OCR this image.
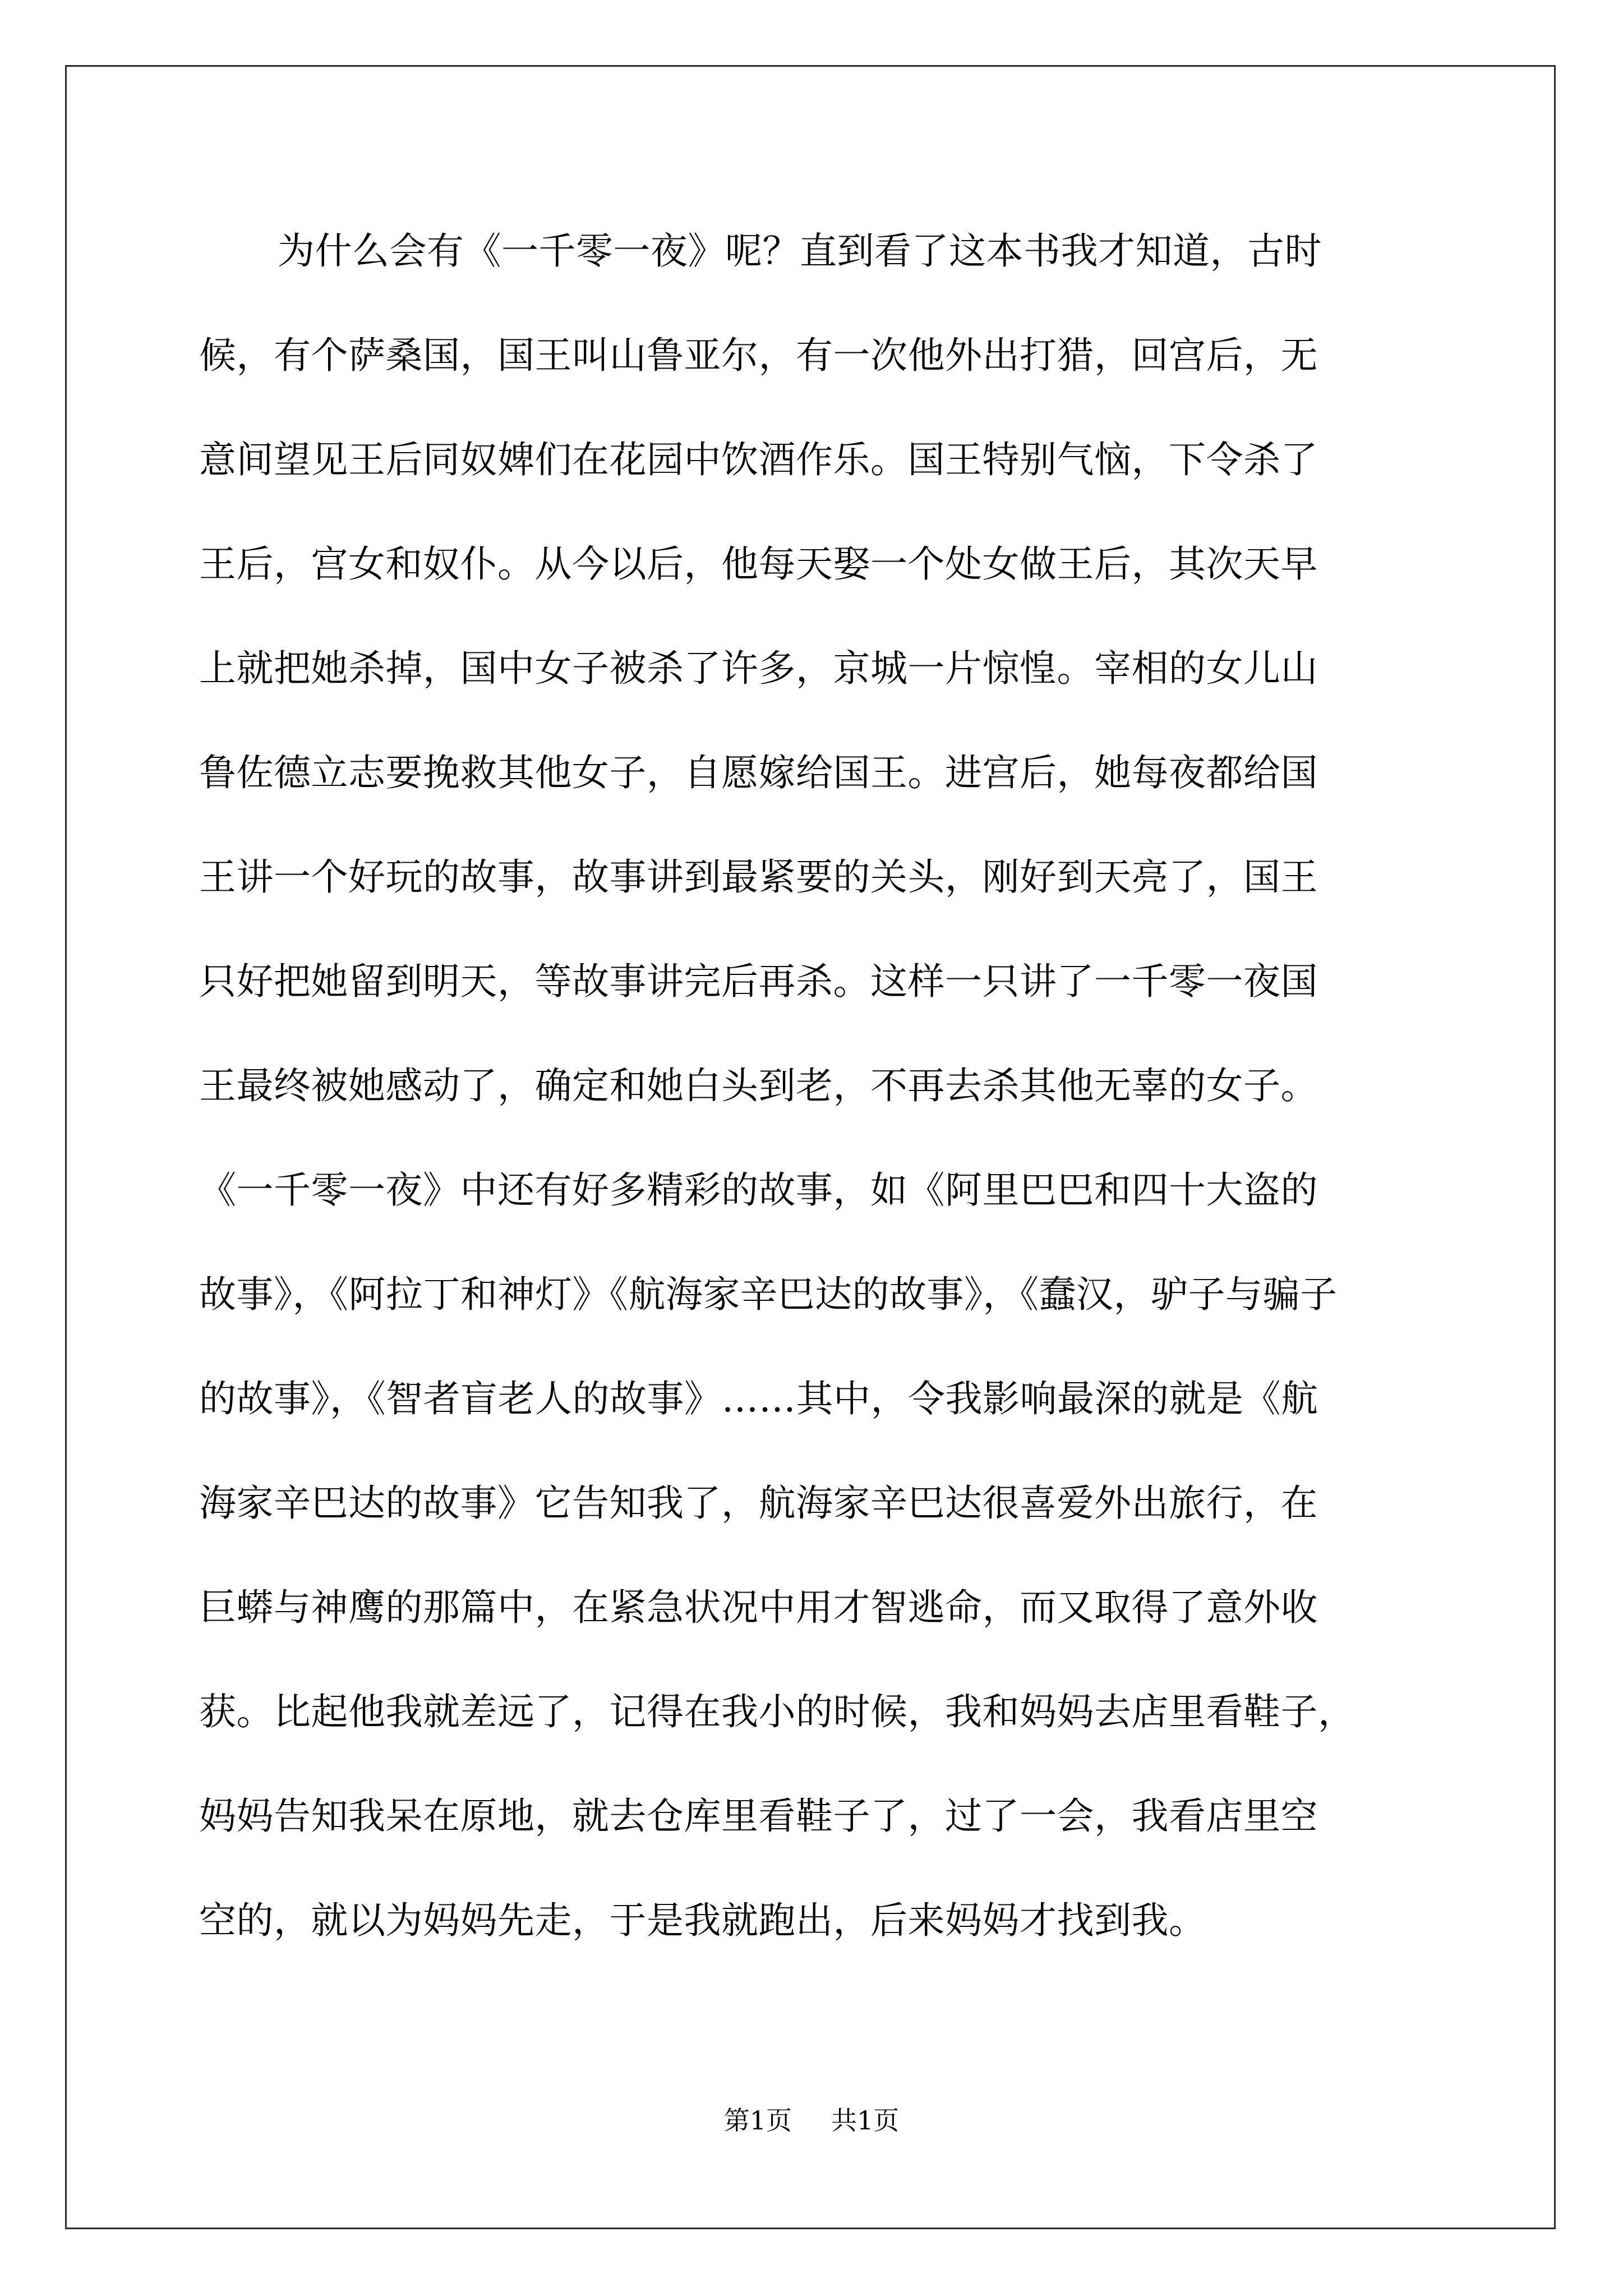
为什么会有《一千零一夜》呢？直到看了这本书我才知道，古时
候，有个萨桑国，国王叫山鲁亚尔，有一次他外出打猎，回宫后，无
意间望见王后同奴婢们在花园中饮酒作乐。国王特别气恼，下令杀了
王后，宫女和奴仆。从今以后，他每天娶一个处女做王后，其次天早
上就把她杀掉，国中女子被杀了许多，京城一片惊惶。宰相的女儿山
鲁佐德立志要挽救其他女子，自愿嫁给国王。进宫后，她每夜都给国
王讲一个好玩的故事，故事讲到最紧要的关头，刚好到天亮了，国王
只好把她留到明天，等故事讲完后再杀。这样一只讲了一千零一夜国
王最终被她感动了，确定和她白头到老，不再去杀其他无辜的女子。
《一千零一夜》中还有好多精彩的故事，如《阿里巴巴和四十大盗的
故事》，《阿拉丁和神灯》《航海家辛巴达的故事》，《蠢汉，驴子与骗子
的故事》，《智者盲老人的故事》……其中，令我影响最深的就是《航
海家辛巴达的故事》它告知我了，航海家辛巴达很喜爱外出旅行，在
巨蟒与神鹰的那篇中，在紧急状况中用才智逃命，而又取得了意外收
获。比起他我就差远了，记得在我小的时候，我和妈妈去店里看鞋子，
妈妈告知我呆在原地，就去仓库里看鞋子了，过了一会，我看店里空
空的，就以为妈妈先走，于是我就跑出，后来妈妈才找到我。
第1页 共1页
